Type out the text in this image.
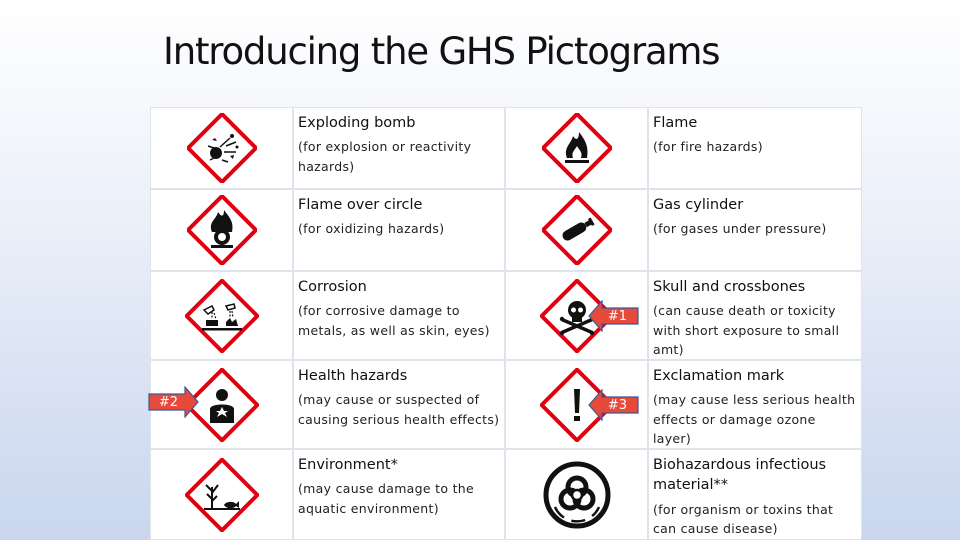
Introducing the GHS Pictograms
Exploding bomb
(for explosion or reactivity hazards)
Flame
(for fire hazards)
Flame over circle
(for oxidizing hazards)
Gas cylinder
(for gases under pressure)
Corrosion
(for corrosive damage to metals, as well as skin, eyes)
#1
Skull and crossbones
(can cause death or toxicity with short exposure to small amt)
Health hazards
(may cause or suspected of causing serious health effects)
#3
Exclamation mark
(may cause less serious health effects or damage ozone layer)
Environment*
(may cause damage to the aquatic environment)
Biohazardous infectious material**
(for organism or toxins that can cause disease)
#2
